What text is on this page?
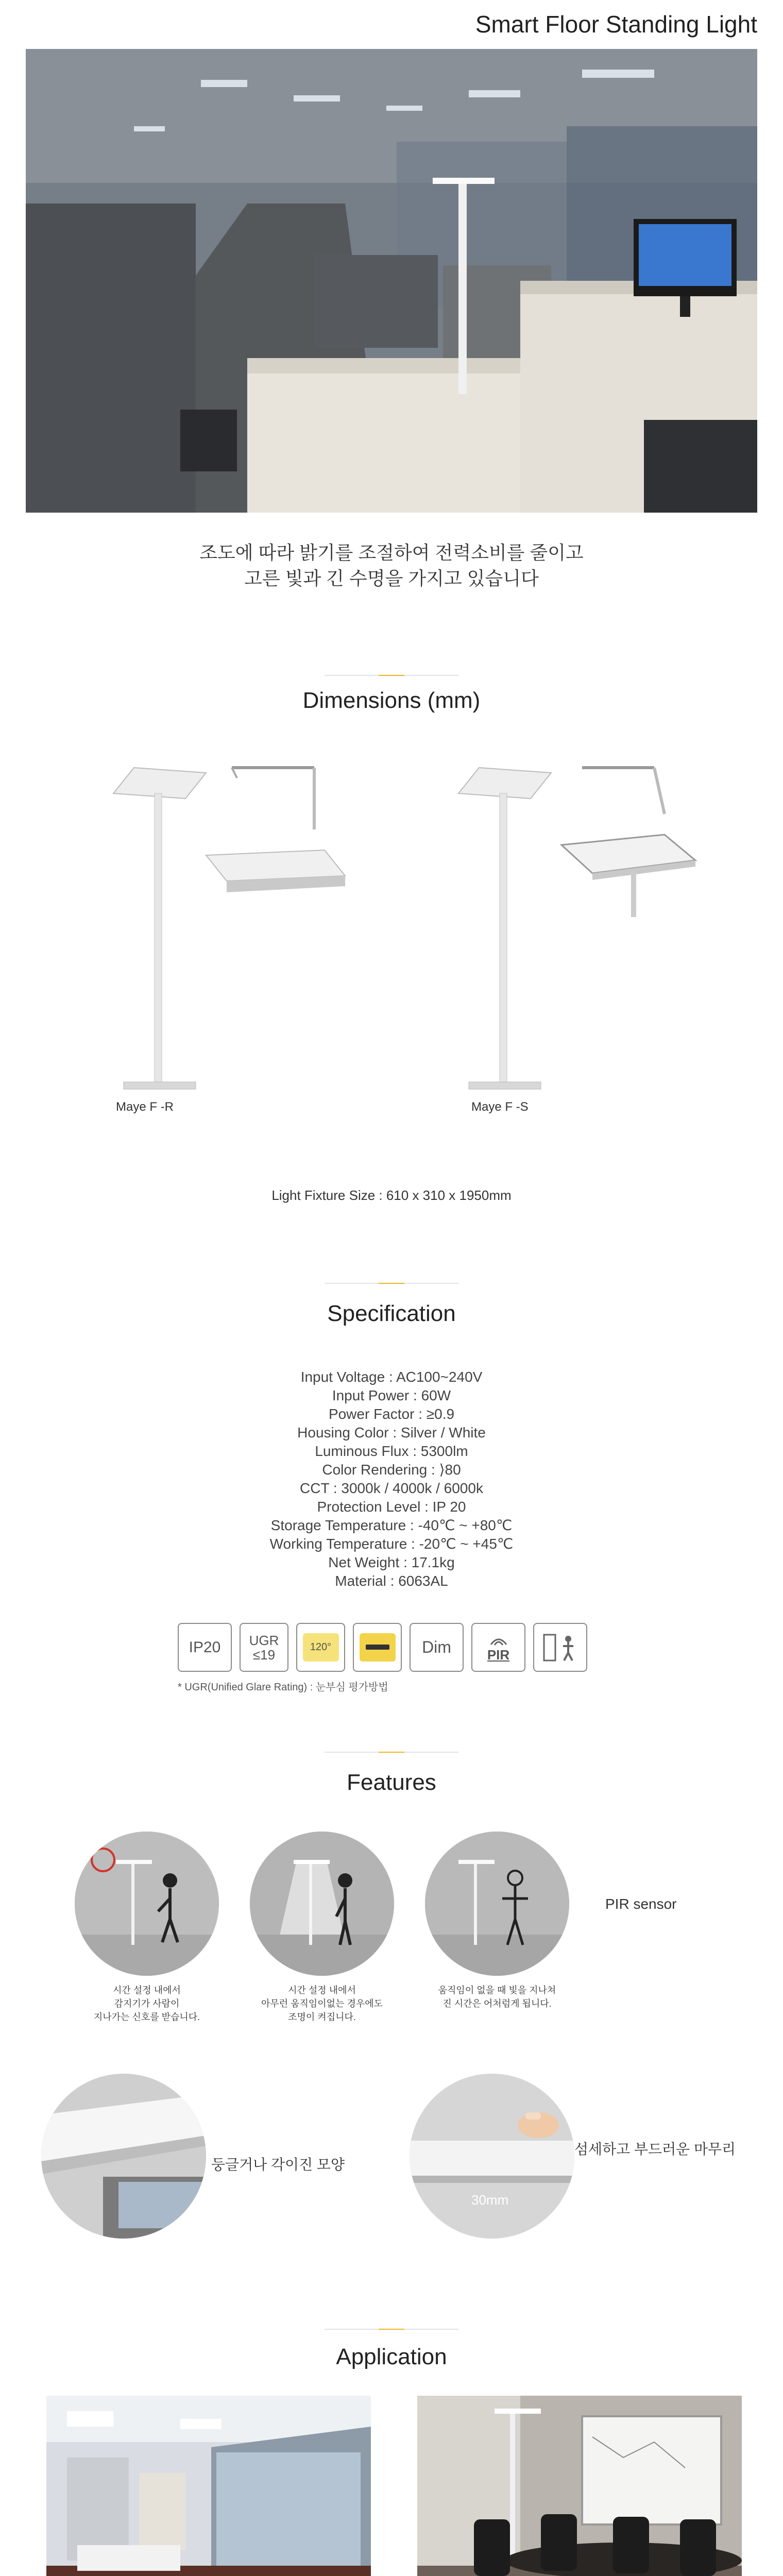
Smart Floor Standing Light
조도에 따라 밝기를 조절하여 전력소비를 줄이고
고른 빛과 긴 수명을 가지고 있습니다
Dimensions (mm)
Maye F -R	Maye F -S
Light Fixture Size : 610 x 310 x 1950mm
Specification
Input Voltage : AC100~240V
Input Power : 60W
Power Factor : ≥0.9
Housing Color : Silver / White
Luminous Flux : 5300lm
Color Rendering : ⟩80
CCT : 3000k / 4000k / 6000k
Protection Level : IP 20
Storage Temperature : -40℃ ~ +80℃
Working Temperature : -20℃ ~ +45℃
Net Weight : 17.1kg
Material : 6063AL
IP20 UGR
≤19	120°	Dim	PIR
* UGR(Unified Glare Rating) : 눈부심 평가방법
Features
PIR sensor
시간 설정 내에서
감지기가 사람이
지나가는 신호를 받습니다.
시간 설정 내에서
아무런 움직임이없는 경우에도
조명이 켜집니다.
움직임이 없을 때 빛을 지나쳐
진 시간은 어처럼게 됩니다.
둥글거나 각이진 모양
30mm
섬세하고 부드러운 마무리
Application
